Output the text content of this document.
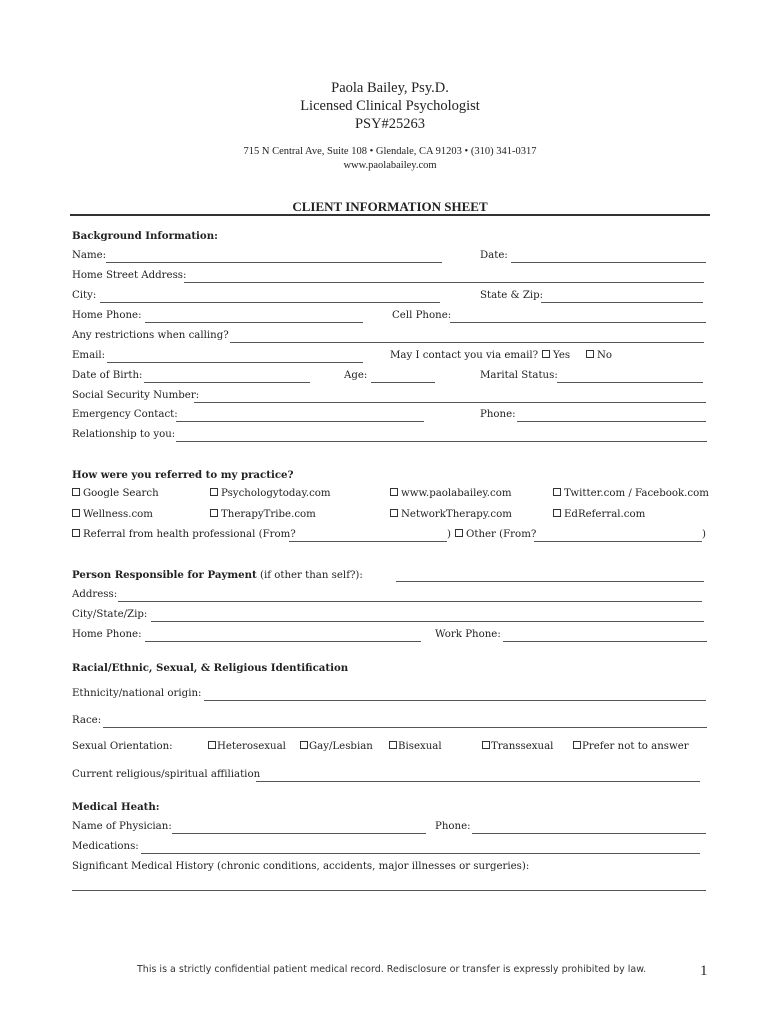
Paola Bailey, Psy.D.
Licensed Clinical Psychologist
PSY#25263
715 N Central Ave, Suite 108 • Glendale, CA 91203 • (310) 341-0317
www.paolabailey.com
CLIENT INFORMATION SHEET
Background Information:
Name:	Date:
Home Street Address:
City:	State & Zip:
Home Phone:	Cell Phone:
Any restrictions when calling?
Email:	May I contact you via email?	Yes	No
Date of Birth:	Age:	Marital Status:
Social Security Number:
Emergency Contact:	Phone:
Relationship to you:
How were you referred to my practice?
Google Search	Psychologytoday.com	www.paolabailey.com	Twitter.com / Facebook.com
Wellness.com	TherapyTribe.com	NetworkTherapy.com	EdReferral.com
Referral from health professional (From?	)	Other (From?	)
Person Responsible for Payment (if other than self?):
Address:
City/State/Zip:
Home Phone:	Work Phone:
Racial/Ethnic, Sexual, & Religious Identification
Ethnicity/national origin:
Race:
Sexual Orientation:	Heterosexual	Gay/Lesbian	Bisexual	Transsexual	Prefer not to answer
Current religious/spiritual affiliation
Medical Heath:
Name of Physician:	Phone:
Medications:
Significant Medical History (chronic conditions, accidents, major illnesses or surgeries):
This is a strictly confidential patient medical record. Redisclosure or transfer is expressly prohibited by law.	1
